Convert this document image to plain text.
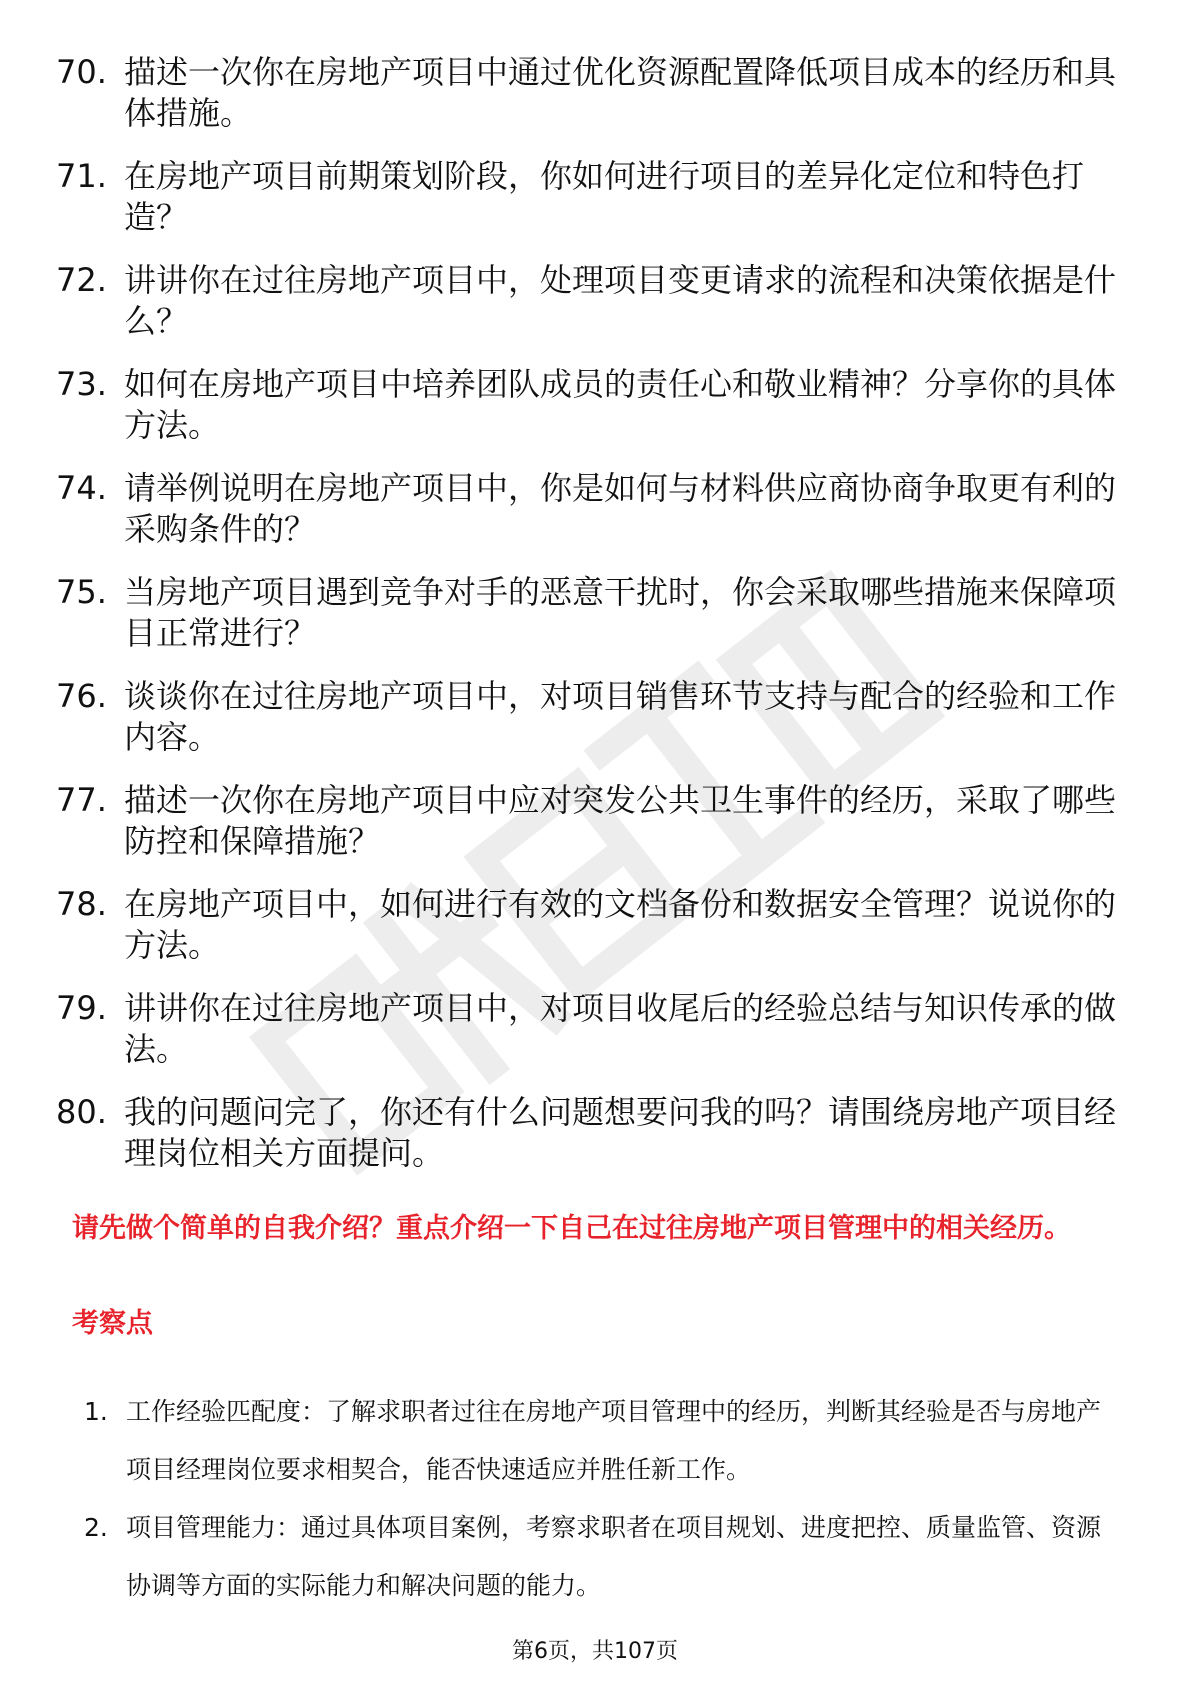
70. 描述一次你在房地产项目中通过优化资源配置降低项目成本的经历和具体措施。
71. 在房地产项目前期策划阶段，你如何进行项目的差异化定位和特色打造？
72. 讲讲你在过往房地产项目中，处理项目变更请求的流程和决策依据是什么？
73. 如何在房地产项目中培养团队成员的责任心和敬业精神？分享你的具体方法。
74. 请举例说明在房地产项目中，你是如何与材料供应商协商争取更有利的采购条件的？
75. 当房地产项目遇到竞争对手的恶意干扰时，你会采取哪些措施来保障项目正常进行？
76. 谈谈你在过往房地产项目中，对项目销售环节支持与配合的经验和工作内容。
77. 描述一次你在房地产项目中应对突发公共卫生事件的经历，采取了哪些防控和保障措施？
78. 在房地产项目中，如何进行有效的文档备份和数据安全管理？说说你的方法。
79. 讲讲你在过往房地产项目中，对项目收尾后的经验总结与知识传承的做法。
80. 我的问题问完了，你还有什么问题想要问我的吗？请围绕房地产项目经理岗位相关方面提问。
请先做个简单的自我介绍？重点介绍一下自己在过往房地产项目管理中的相关经历。
考察点
1. 工作经验匹配度：了解求职者过往在房地产项目管理中的经历，判断其经验是否与房地产项目经理岗位要求相契合，能否快速适应并胜任新工作。
2. 项目管理能力：通过具体项目案例，考察求职者在项目规划、进度把控、质量监管、资源协调等方面的实际能力和解决问题的能力。
第6页，共107页
